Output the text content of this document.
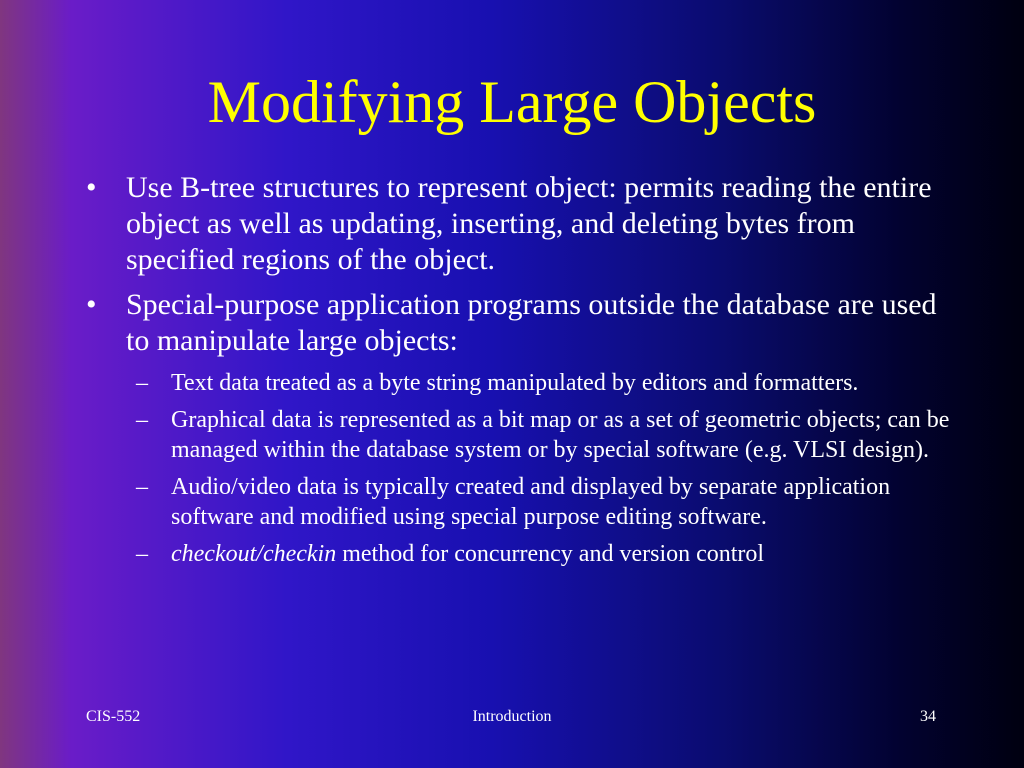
Modifying Large Objects
• Use B-tree structures to represent object: permits reading the entire object as well as updating, inserting, and deleting bytes from specified regions of the object.
• Special-purpose application programs outside the database are used to manipulate large objects:
– Text data treated as a byte string manipulated by editors and formatters.
– Graphical data is represented as a bit map or as a set of geometric objects; can be managed within the database system or by special software (e.g. VLSI design).
– Audio/video data is typically created and displayed by separate application software and modified using special purpose editing software.
– checkout/checkin method for concurrency and version control
CIS-552	Introduction	34
